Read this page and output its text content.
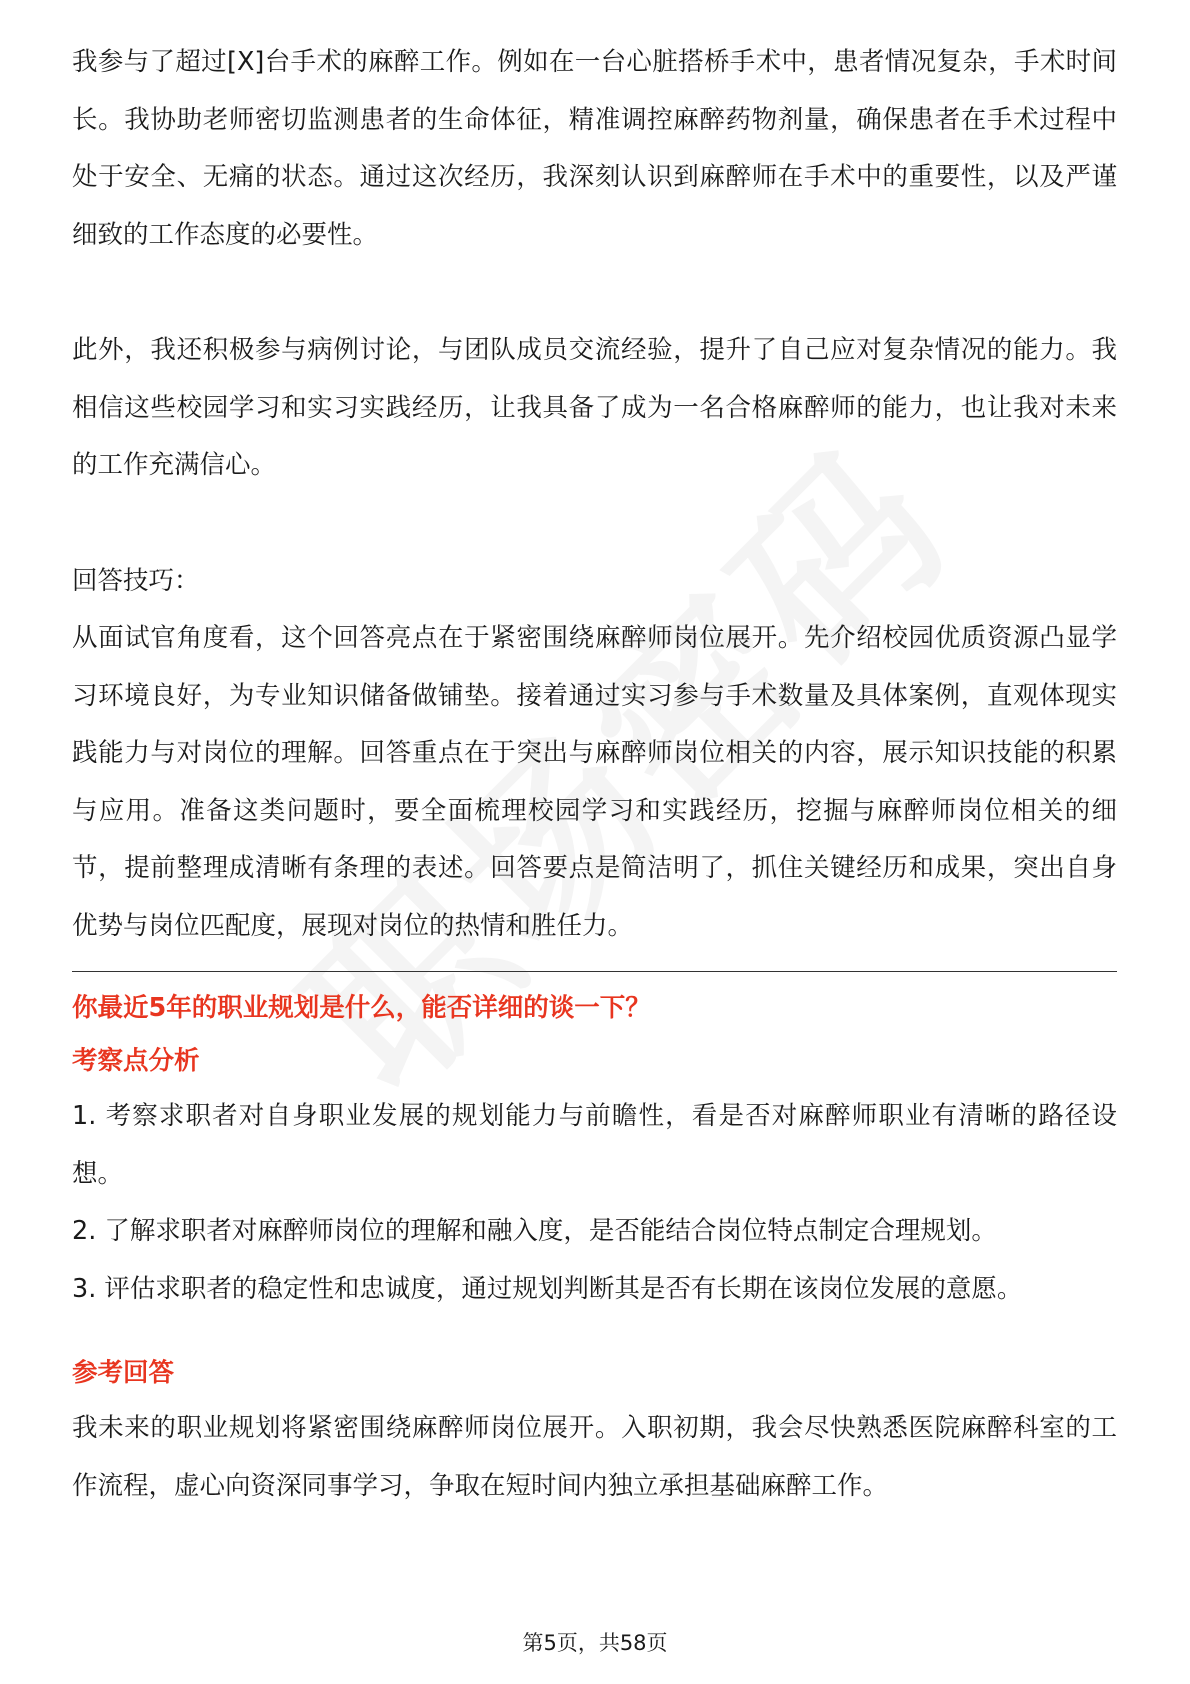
我参与了超过[X]台手术的麻醉工作。例如在一台心脏搭桥手术中，患者情况复杂，手术时间长。我协助老师密切监测患者的生命体征，精准调控麻醉药物剂量，确保患者在手术过程中处于安全、无痛的状态。通过这次经历，我深刻认识到麻醉师在手术中的重要性，以及严谨细致的工作态度的必要性。

此外，我还积极参与病例讨论，与团队成员交流经验，提升了自己应对复杂情况的能力。我相信这些校园学习和实习实践经历，让我具备了成为一名合格麻醉师的能力，也让我对未来的工作充满信心。

回答技巧：

从面试官角度看，这个回答亮点在于紧密围绕麻醉师岗位展开。先介绍校园优质资源凸显学习环境良好，为专业知识储备做铺垫。接着通过实习参与手术数量及具体案例，直观体现实践能力与对岗位的理解。回答重点在于突出与麻醉师岗位相关的内容，展示知识技能的积累与应用。准备这类问题时，要全面梳理校园学习和实践经历，挖掘与麻醉师岗位相关的细节，提前整理成清晰有条理的表述。回答要点是简洁明了，抓住关键经历和成果，突出自身优势与岗位匹配度，展现对岗位的热情和胜任力。

你最近5年的职业规划是什么，能否详细的谈一下？

考察点分析

1. 考察求职者对自身职业发展的规划能力与前瞻性，看是否对麻醉师职业有清晰的路径设想。

2. 了解求职者对麻醉师岗位的理解和融入度，是否能结合岗位特点制定合理规划。

3. 评估求职者的稳定性和忠诚度，通过规划判断其是否有长期在该岗位发展的意愿。

参考回答

我未来的职业规划将紧密围绕麻醉师岗位展开。入职初期，我会尽快熟悉医院麻醉科室的工作流程，虚心向资深同事学习，争取在短时间内独立承担基础麻醉工作。

第5页，共58页
